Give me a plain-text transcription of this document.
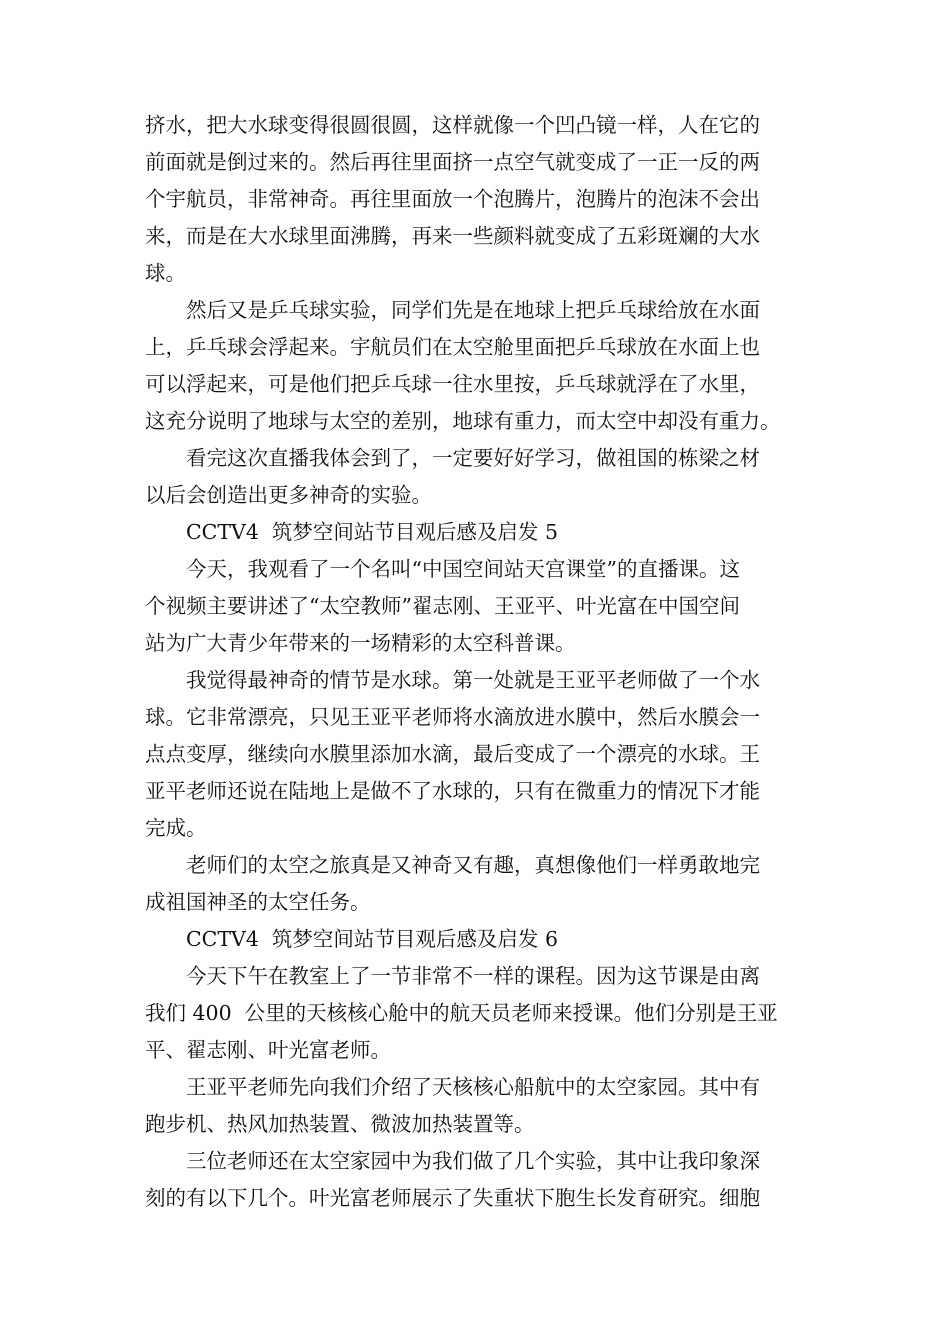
挤水，把大水球变得很圆很圆，这样就像一个凹凸镜一样，人在它的
前面就是倒过来的。然后再往里面挤一点空气就变成了一正一反的两
个宇航员，非常神奇。再往里面放一个泡腾片，泡腾片的泡沫不会出
来，而是在大水球里面沸腾，再来一些颜料就变成了五彩斑斓的大水
球。
然后又是乒乓球实验，同学们先是在地球上把乒乓球给放在水面
上，乒乓球会浮起来。宇航员们在太空舱里面把乒乓球放在水面上也
可以浮起来，可是他们把乒乓球一往水里按，乒乓球就浮在了水里，
这充分说明了地球与太空的差别，地球有重力，而太空中却没有重力。
看完这次直播我体会到了，一定要好好学习，做祖国的栋梁之材
以后会创造出更多神奇的实验。
CCTV4  筑梦空间站节目观后感及启发 5
今天，我观看了一个名叫“中国空间站天宫课堂”的直播课。这
个视频主要讲述了“太空教师”翟志刚、王亚平、叶光富在中国空间
站为广大青少年带来的一场精彩的太空科普课。
我觉得最神奇的情节是水球。第一处就是王亚平老师做了一个水
球。它非常漂亮，只见王亚平老师将水滴放进水膜中，然后水膜会一
点点变厚，继续向水膜里添加水滴，最后变成了一个漂亮的水球。王
亚平老师还说在陆地上是做不了水球的，只有在微重力的情况下才能
完成。
老师们的太空之旅真是又神奇又有趣，真想像他们一样勇敢地完
成祖国神圣的太空任务。
CCTV4  筑梦空间站节目观后感及启发 6
今天下午在教室上了一节非常不一样的课程。因为这节课是由离
我们 400  公里的天核核心舱中的航天员老师来授课。他们分别是王亚
平、翟志刚、叶光富老师。
王亚平老师先向我们介绍了天核核心船航中的太空家园。其中有
跑步机、热风加热装置、微波加热装置等。
三位老师还在太空家园中为我们做了几个实验，其中让我印象深
刻的有以下几个。叶光富老师展示了失重状下胞生长发育研究。细胞
